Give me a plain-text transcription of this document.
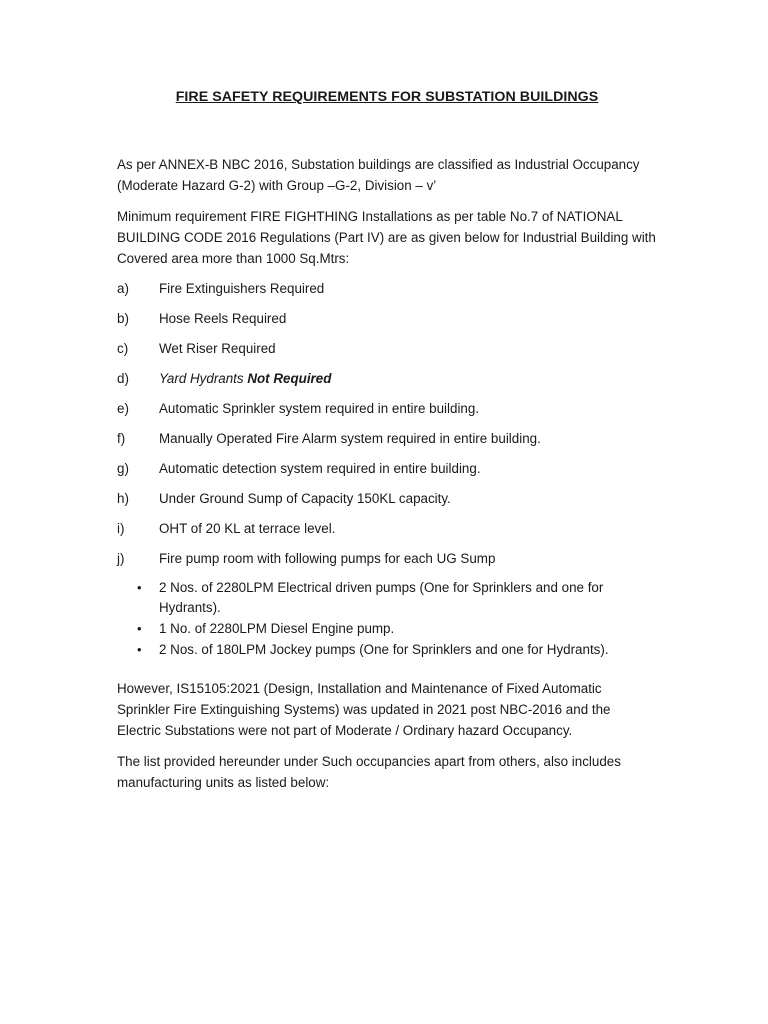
FIRE SAFETY REQUIREMENTS FOR SUBSTATION BUILDINGS

As per ANNEX-B NBC 2016, Substation buildings are classified as Industrial Occupancy (Moderate Hazard G-2) with Group –G-2, Division – v’

Minimum requirement FIRE FIGHTHING Installations as per table No.7 of NATIONAL BUILDING CODE 2016 Regulations (Part IV) are as given below for Industrial Building with Covered area more than 1000 Sq.Mtrs:

a)	Fire Extinguishers Required
b)	Hose Reels Required
c)	Wet Riser Required
d)	Yard Hydrants Not Required
e)	Automatic Sprinkler system required in entire building.
f)	Manually Operated Fire Alarm system required in entire building.
g)	Automatic detection system required in entire building.
h)	Under Ground Sump of Capacity 150KL capacity.
i)	OHT of 20 KL at terrace level.
j)	Fire pump room with following pumps for each UG Sump
•	2 Nos. of 2280LPM Electrical driven pumps (One for Sprinklers and one for Hydrants).
•	1 No. of 2280LPM Diesel Engine pump.
•	2 Nos. of 180LPM Jockey pumps (One for Sprinklers and one for Hydrants).

However, IS15105:2021 (Design, Installation and Maintenance of Fixed Automatic Sprinkler Fire Extinguishing Systems) was updated in 2021 post NBC-2016 and the Electric Substations were not part of Moderate / Ordinary hazard Occupancy.

The list provided hereunder under Such occupancies apart from others, also includes manufacturing units as listed below:
